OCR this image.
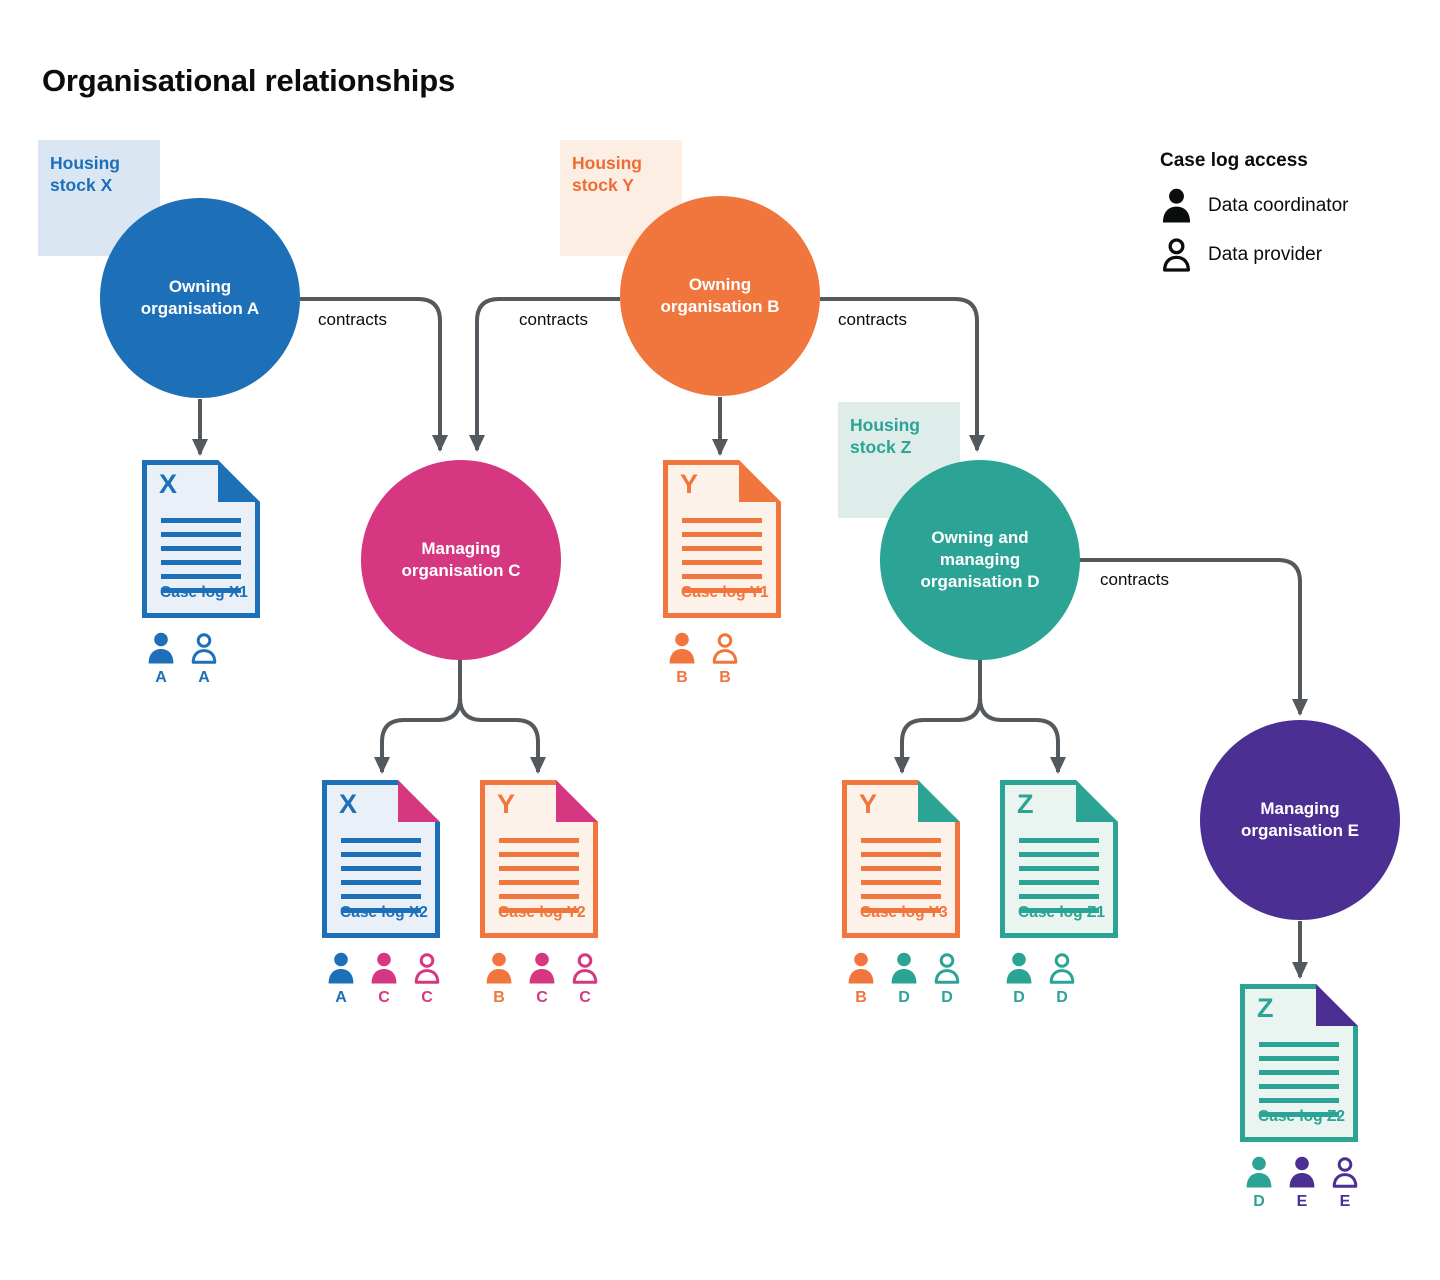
Organisational relationships
Housing stock X
Housing stock Y
Housing stock Z
contracts	contracts	contracts
contracts
Owning organisation A
Owning organisation B
Managing organisation C
Owning and managing organisation D
Managing organisation E
X
Case log X1
Y
Case log Y1
X
Case log X2
Y
Case log Y2
Y
Case log Y3
Z
Case log Z1
Z
Case log Z2
A A	B B
A C C	B C C	B D D	D D
D E E
Case log access
Data coordinator
Data provider
